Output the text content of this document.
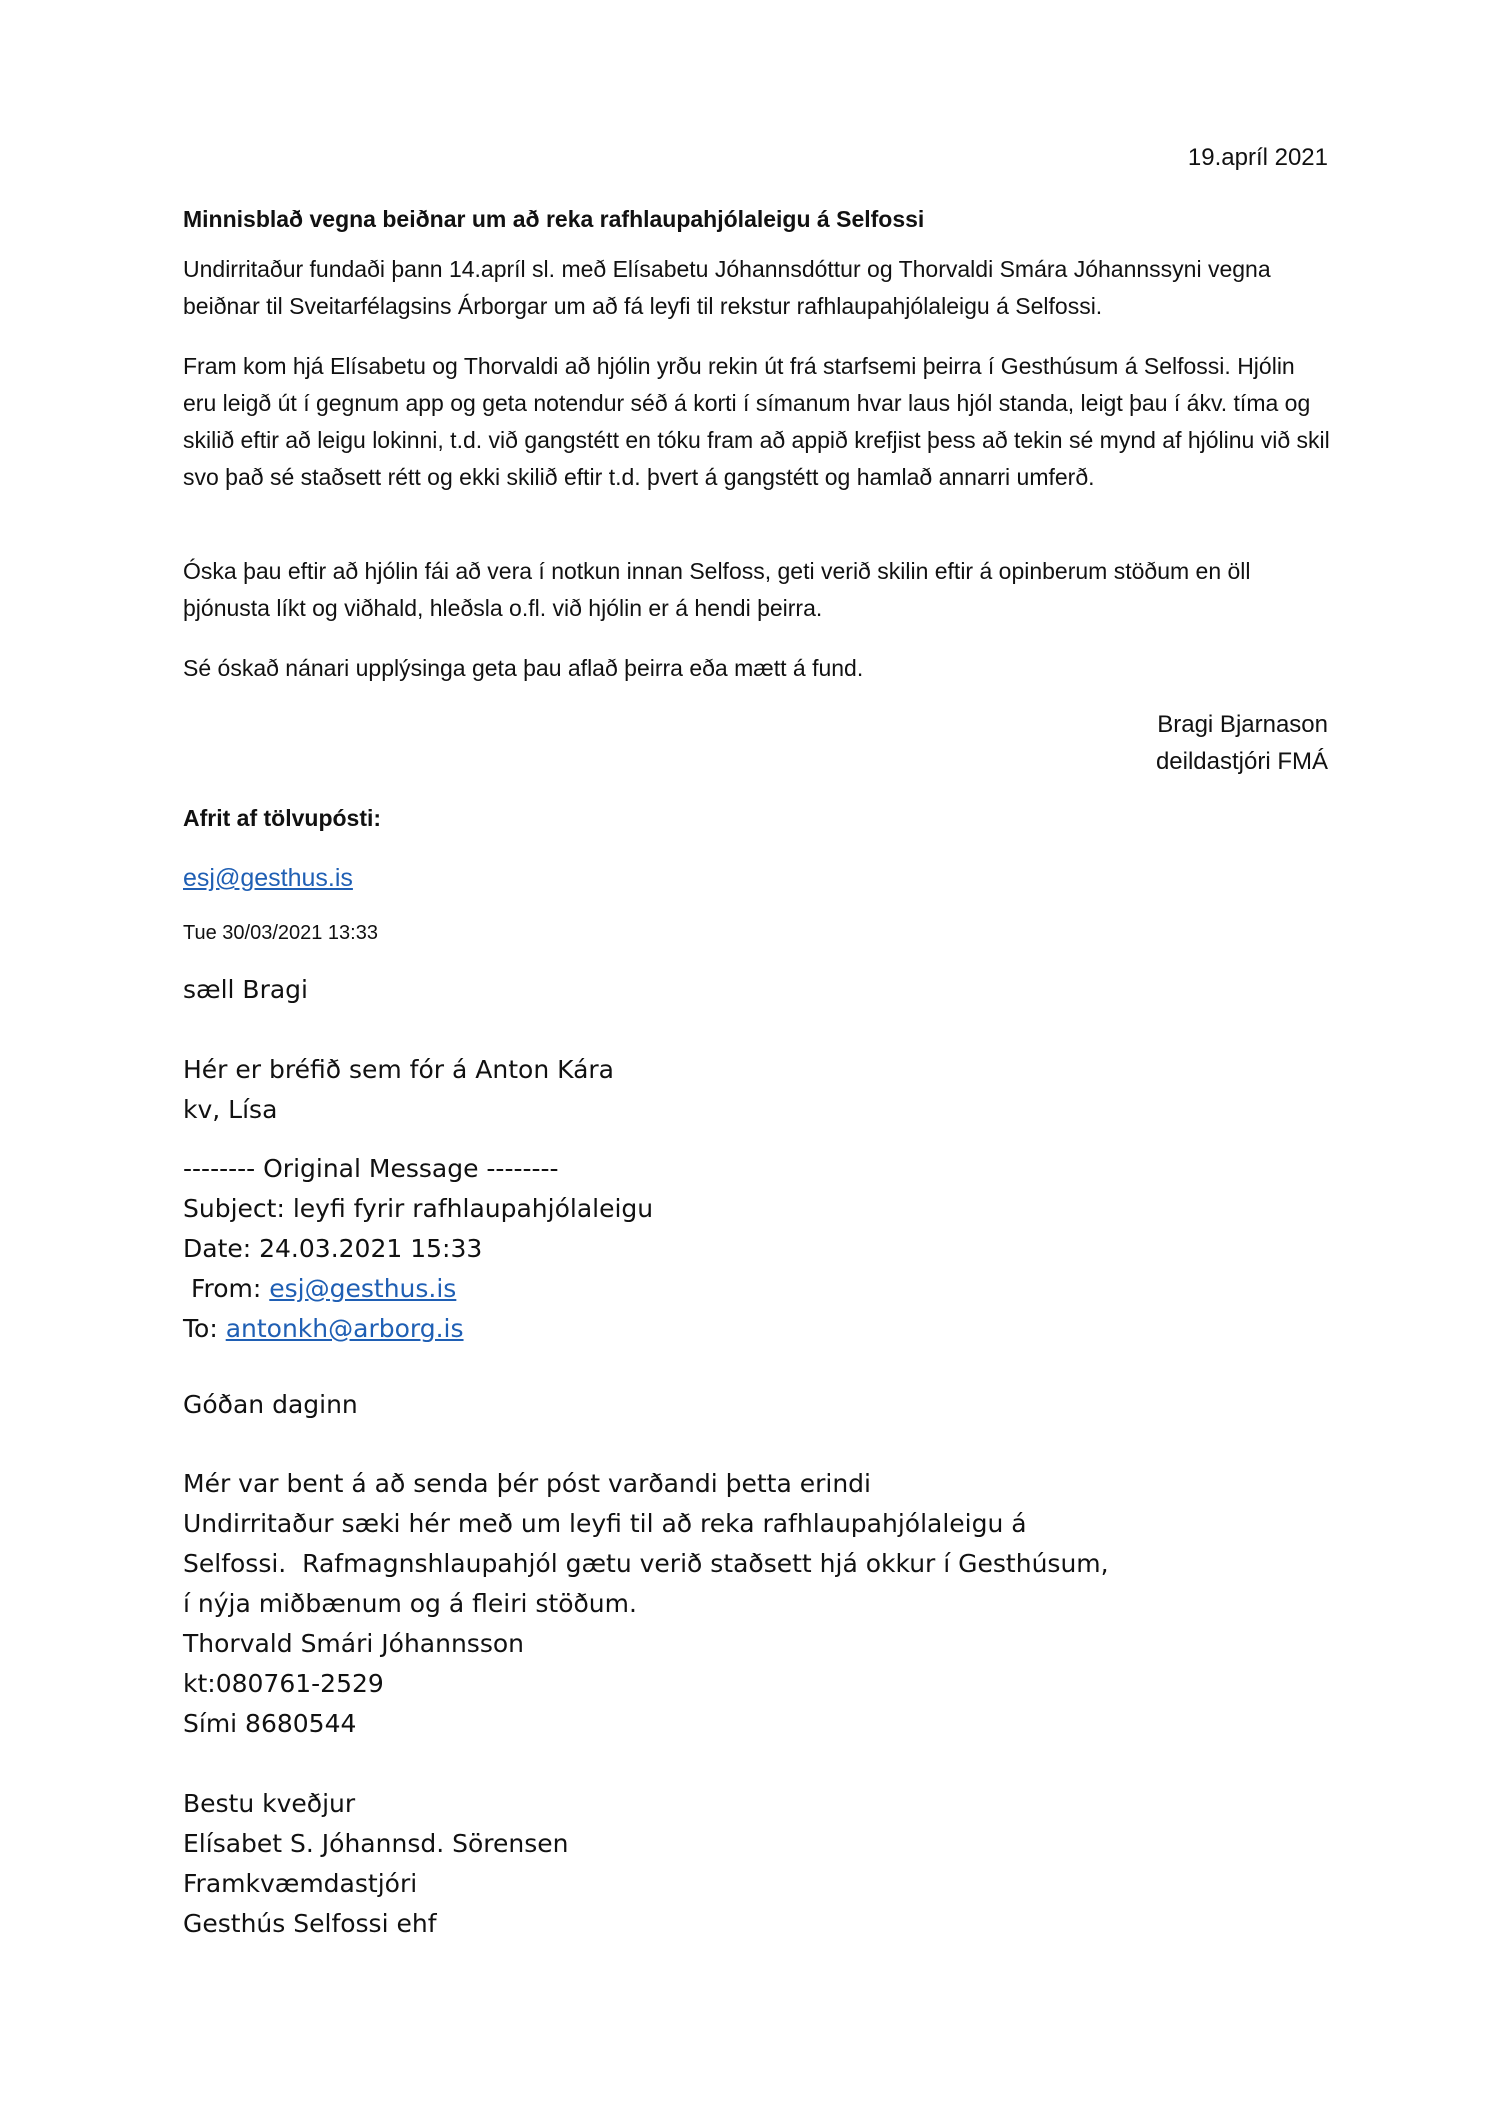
19.apríl 2021
Minnisblað vegna beiðnar um að reka rafhlaupahjólaleigu á Selfossi

Undirritaður fundaði þann 14.apríl sl. með Elísabetu Jóhannsdóttur og Thorvaldi Smára Jóhannssyni vegna beiðnar til Sveitarfélagsins Árborgar um að fá leyfi til rekstur rafhlaupahjólaleigu á Selfossi.

Fram kom hjá Elísabetu og Thorvaldi að hjólin yrðu rekin út frá starfsemi þeirra í Gesthúsum á Selfossi. Hjólin eru leigð út í gegnum app og geta notendur séð á korti í símanum hvar laus hjól standa, leigt þau í ákv. tíma og skilið eftir að leigu lokinni, t.d. við gangstétt en tóku fram að appið krefjist þess að tekin sé mynd af hjólinu við skil svo það sé staðsett rétt og ekki skilið eftir t.d. þvert á gangstétt og hamlað annarri umferð.

Óska þau eftir að hjólin fái að vera í notkun innan Selfoss, geti verið skilin eftir á opinberum stöðum en öll þjónusta líkt og viðhald, hleðsla o.fl. við hjólin er á hendi þeirra.

Sé óskað nánari upplýsinga geta þau aflað þeirra eða mætt á fund.

Bragi Bjarnason
deildastjóri FMÁ
Afrit af tölvupósti:
esj@gesthus.is
Tue 30/03/2021 13:33
sæll Bragi
Hér er bréfið sem fór á Anton Kára
kv, Lísa
-------- Original Message --------
Subject: leyfi fyrir rafhlaupahjólaleigu
Date: 24.03.2021 15:33
From: esj@gesthus.is
To: antonkh@arborg.is
Góðan daginn
Mér var bent á að senda þér póst varðandi þetta erindi
Undirritaður sæki hér með um leyfi til að reka rafhlaupahjólaleigu á
Selfossi.  Rafmagnshlaupahjól gætu verið staðsett hjá okkur í Gesthúsum,
í nýja miðbænum og á fleiri stöðum.
Thorvald Smári Jóhannsson
kt:080761-2529
Sími 8680544
Bestu kveðjur
Elísabet S. Jóhannsd. Sörensen
Framkvæmdastjóri
Gesthús Selfossi ehf
